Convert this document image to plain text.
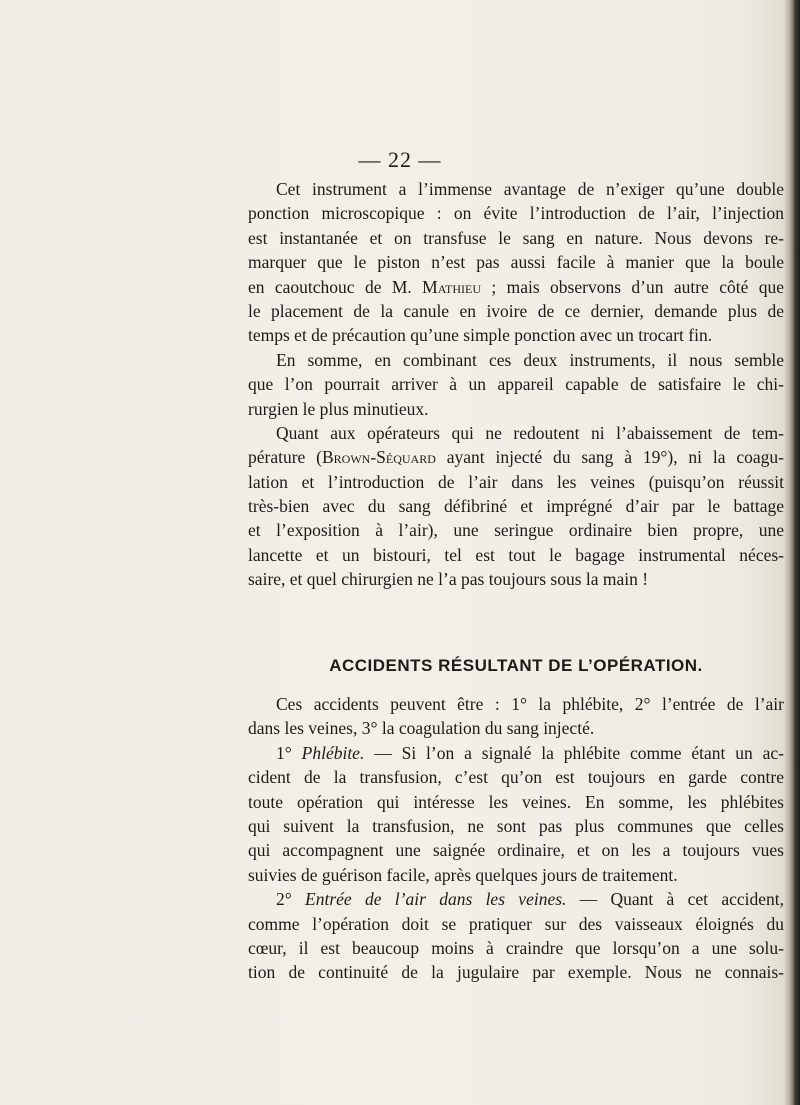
— 22 —
Cet instrument a l’immense avantage de n’exiger qu’une double
ponction microscopique : on évite l’introduction de l’air, l’injection
est instantanée et on transfuse le sang en nature. Nous devons re-
marquer que le piston n’est pas aussi facile à manier que la boule
en caoutchouc de M. Mathieu ; mais observons d’un autre côté que
le placement de la canule en ivoire de ce dernier, demande plus de
temps et de précaution qu’une simple ponction avec un trocart fin.
En somme, en combinant ces deux instruments, il nous semble
que l’on pourrait arriver à un appareil capable de satisfaire le chi-
rurgien le plus minutieux.
Quant aux opérateurs qui ne redoutent ni l’abaissement de tem-
pérature (Brown-Séquard ayant injecté du sang à 19°), ni la coagu-
lation et l’introduction de l’air dans les veines (puisqu’on réussit
très-bien avec du sang défibriné et imprégné d’air par le battage
et l’exposition à l’air), une seringue ordinaire bien propre, une
lancette et un bistouri, tel est tout le bagage instrumental néces-
saire, et quel chirurgien ne l’a pas toujours sous la main !
ACCIDENTS RÉSULTANT DE L’OPÉRATION.
Ces accidents peuvent être : 1° la phlébite, 2° l’entrée de l’air
dans les veines, 3° la coagulation du sang injecté.
1° Phlébite. — Si l’on a signalé la phlébite comme étant un ac-
cident de la transfusion, c’est qu’on est toujours en garde contre
toute opération qui intéresse les veines. En somme, les phlébites
qui suivent la transfusion, ne sont pas plus communes que celles
qui accompagnent une saignée ordinaire, et on les a toujours vues
suivies de guérison facile, après quelques jours de traitement.
2° Entrée de l’air dans les veines. — Quant à cet accident,
comme l’opération doit se pratiquer sur des vaisseaux éloignés du
cœur, il est beaucoup moins à craindre que lorsqu’on a une solu-
tion de continuité de la jugulaire par exemple. Nous ne connais-
